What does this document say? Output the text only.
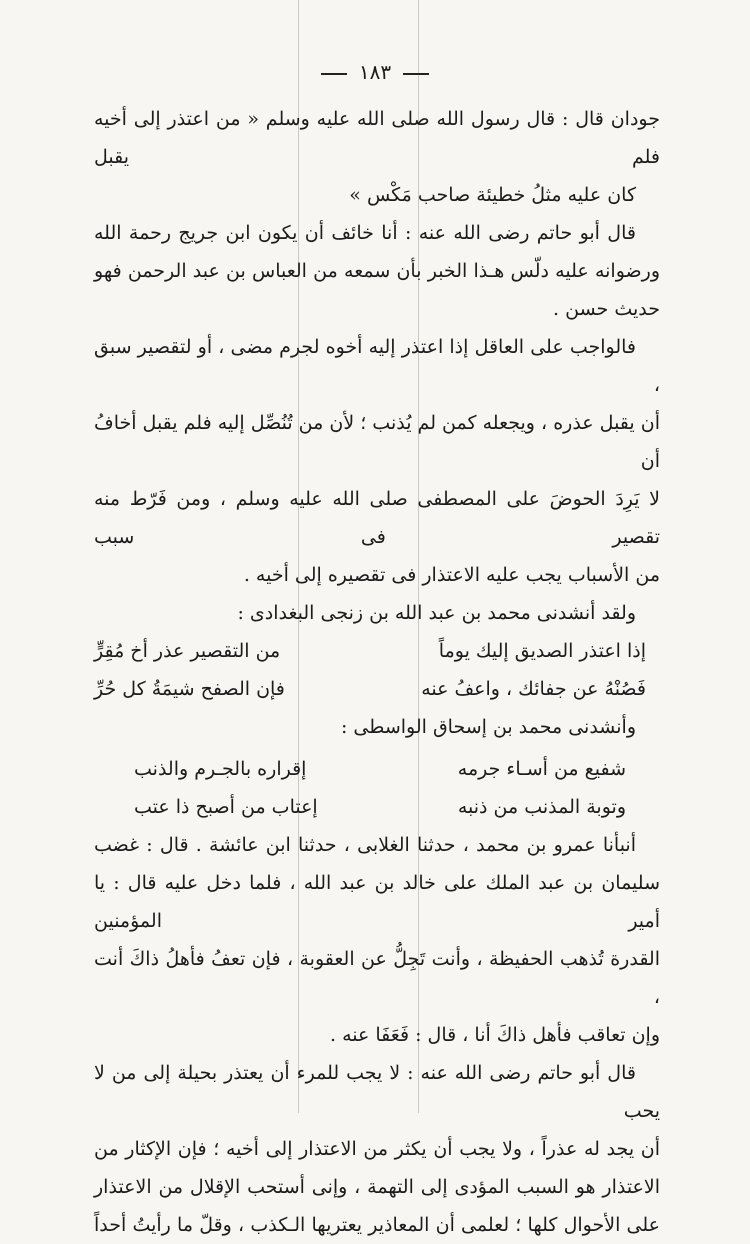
١٨٣
جودان قال : قال رسول الله صلى الله عليه وسلم « من اعتذر إلى أخيه فلم يقبل
كان عليه مثلُ خطيئة صاحب مَكْس »
قال أبو حاتم رضى الله عنه : أنا خائف أن يكون ابن جريج رحمة الله
ورضوانه عليه دلّس هـذا الخبر بأن سمعه من العباس بن عبد الرحمن فهو
حديث حسن .
فالواجب على العاقل إذا اعتذر إليه أخوه لجرم مضى ، أو لتقصير سبق ،
أن يقبل عذره ، ويجعله كمن لم يُذنب ؛ لأن من تُنُصِّل إليه فلم يقبل أخافُ أن
لا يَرِدَ الحوضَ على المصطفى صلى الله عليه وسلم ، ومن فَرّط منه تقصير فى سبب
من الأسباب يجب عليه الاعتذار فى تقصيره إلى أخيه .
ولقد أنشدنى محمد بن عبد الله بن زنجى البغدادى :
إذا اعتذر الصديق إليك يوماً
من التقصير عذر أخ مُقِرٍّ
فَصُنْهُ عن جفائك ، واعفُ عنه
فإن الصفح شيمَةُ كل حُرِّ
وأنشدنى محمد بن إسحاق الواسطى :
شفيع من أسـاء جرمه
إقراره بالجـرم والذنب
وتوبة المذنب من ذنبه
إعتاب من أصبح ذا عتب
أنبأنا عمرو بن محمد ، حدثنا الغلابى ، حدثنا ابن عائشة . قال : غضب
سليمان بن عبد الملك على خالد بن عبد الله ، فلما دخل عليه قال : يا أمير المؤمنين
القدرة تُذهب الحفيظة ، وأنت تَجِلُّ عن العقوبة ، فإن تعفُ فأهلُ ذاكَ أنت ،
وإن تعاقب فأهل ذاكَ أنا ، قال : فَعَفَا عنه .
قال أبو حاتم رضى الله عنه : لا يجب للمرء أن يعتذر بحيلة إلى من لا يحب
أن يجد له عذراً ، ولا يجب أن يكثر من الاعتذار إلى أخيه ؛ فإن الإكثار من
الاعتذار هو السبب المؤدى إلى التهمة ، وإنى أستحب الإقلال من الاعتذار
على الأحوال كلها ؛ لعلمى أن المعاذير يعتريها الـكذب ، وقلّ ما رأيتُ أحداً
